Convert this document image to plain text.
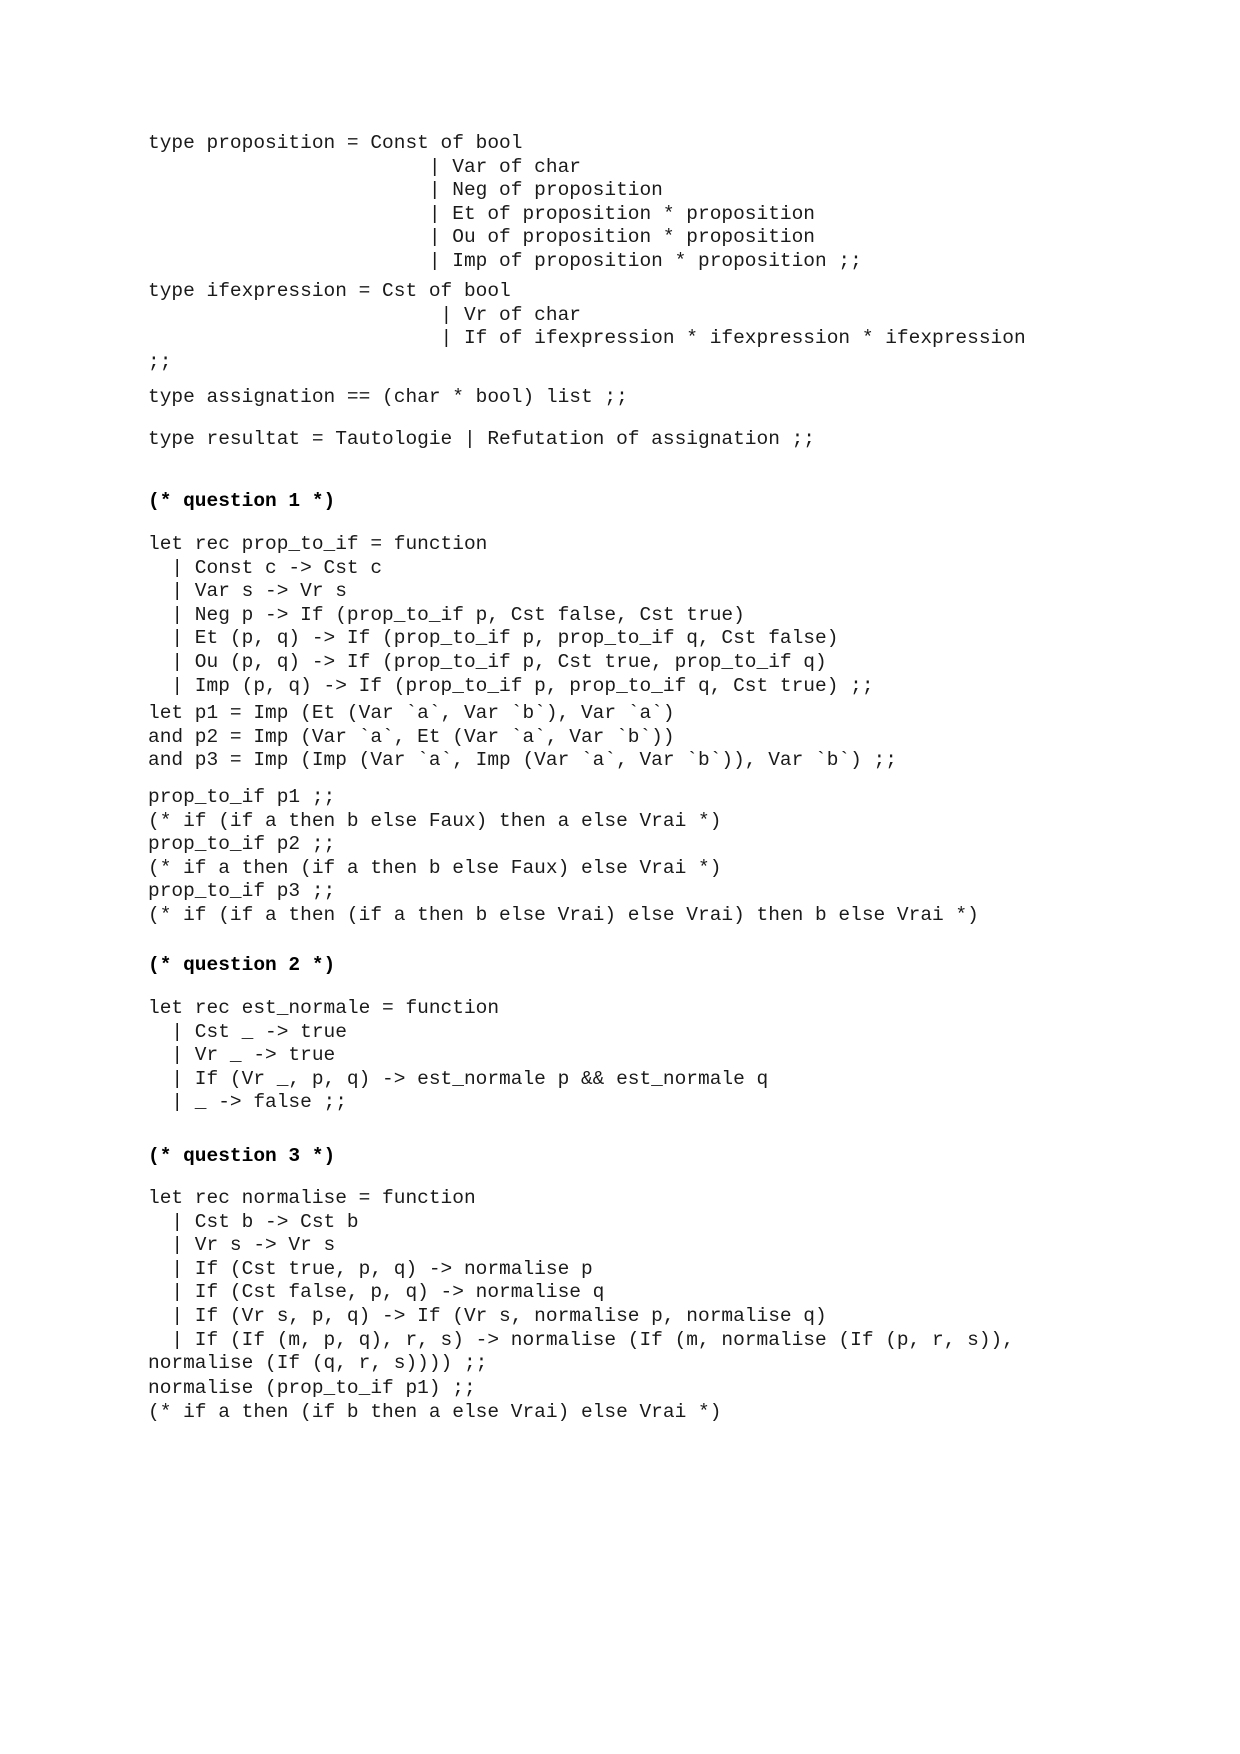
type proposition = Const of bool
| Var of char
| Neg of proposition
| Et of proposition * proposition
| Ou of proposition * proposition
| Imp of proposition * proposition ;;
type ifexpression = Cst of bool
| Vr of char
| If of ifexpression * ifexpression * ifexpression
;;
type assignation == (char * bool) list ;;
type resultat = Tautologie | Refutation of assignation ;;
(* question 1 *)
let rec prop_to_if = function
| Const c -> Cst c
| Var s -> Vr s
| Neg p -> If (prop_to_if p, Cst false, Cst true)
| Et (p, q) -> If (prop_to_if p, prop_to_if q, Cst false)
| Ou (p, q) -> If (prop_to_if p, Cst true, prop_to_if q)
| Imp (p, q) -> If (prop_to_if p, prop_to_if q, Cst true) ;;
let p1 = Imp (Et (Var `a`, Var `b`), Var `a`)
and p2 = Imp (Var `a`, Et (Var `a`, Var `b`))
and p3 = Imp (Imp (Var `a`, Imp (Var `a`, Var `b`)), Var `b`) ;;
prop_to_if p1 ;;
(* if (if a then b else Faux) then a else Vrai *)
prop_to_if p2 ;;
(* if a then (if a then b else Faux) else Vrai *)
prop_to_if p3 ;;
(* if (if a then (if a then b else Vrai) else Vrai) then b else Vrai *)
(* question 2 *)
let rec est_normale = function
| Cst _ -> true
| Vr _ -> true
| If (Vr _, p, q) -> est_normale p && est_normale q
| _ -> false ;;
(* question 3 *)
let rec normalise = function
| Cst b -> Cst b
| Vr s -> Vr s
| If (Cst true, p, q) -> normalise p
| If (Cst false, p, q) -> normalise q
| If (Vr s, p, q) -> If (Vr s, normalise p, normalise q)
| If (If (m, p, q), r, s) -> normalise (If (m, normalise (If (p, r, s)),
normalise (If (q, r, s)))) ;;
normalise (prop_to_if p1) ;;
(* if a then (if b then a else Vrai) else Vrai *)
